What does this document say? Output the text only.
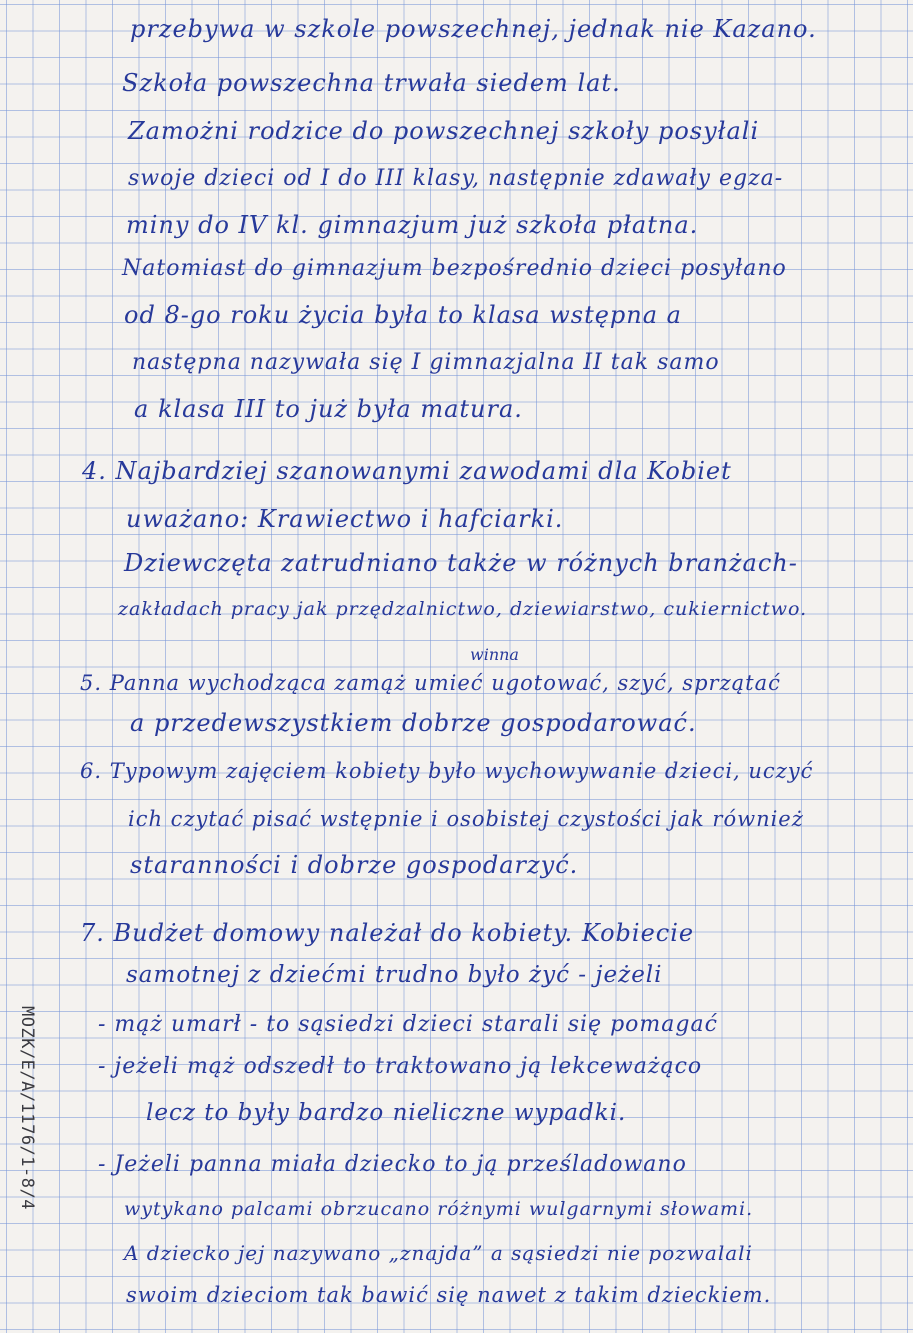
przebywa w szkole powszechnej, jednak nie Kazano.
Szkoła powszechna trwała siedem lat.
Zamożni rodzice do powszechnej szkoły posyłali
swoje dzieci od I do III klasy, następnie zdawały egza-
miny do IV kl. gimnazjum już szkoła płatna.
Natomiast do gimnazjum bezpośrednio dzieci posyłano
od 8-go roku życia była to klasa wstępna a
następna nazywała się I gimnazjalna II tak samo
a klasa III to już była matura.
4. Najbardziej szanowanymi zawodami dla Kobiet
uważano: Krawiectwo i hafciarki.
Dziewczęta zatrudniano także w różnych branżach-
zakładach pracy jak przędzalnictwo, dziewiarstwo, cukiernictwo.
5. Panna wychodząca zamąż umieć ugotować, szyć, sprzątać
a przedewszystkiem dobrze gospodarować.
6. Typowym zajęciem kobiety było wychowywanie dzieci, uczyć
ich czytać pisać wstępnie i osobistej czystości jak również
staranności i dobrze gospodarzyć.
7. Budżet domowy należał do kobiety. Kobiecie
samotnej z dziećmi trudno było żyć - jeżeli
- mąż umarł - to sąsiedzi dzieci starali się pomagać
- jeżeli mąż odszedł to traktowano ją lekceważąco
lecz to były bardzo nieliczne wypadki.
- Jeżeli panna miała dziecko to ją prześladowano
wytykano palcami obrzucano różnymi wulgarnymi słowami.
A dziecko jej nazywano „znajda” a sąsiedzi nie pozwalali
swoim dzieciom tak bawić się nawet z takim dzieckiem.
winna
MOZK/E/A/1176/1-8/4
